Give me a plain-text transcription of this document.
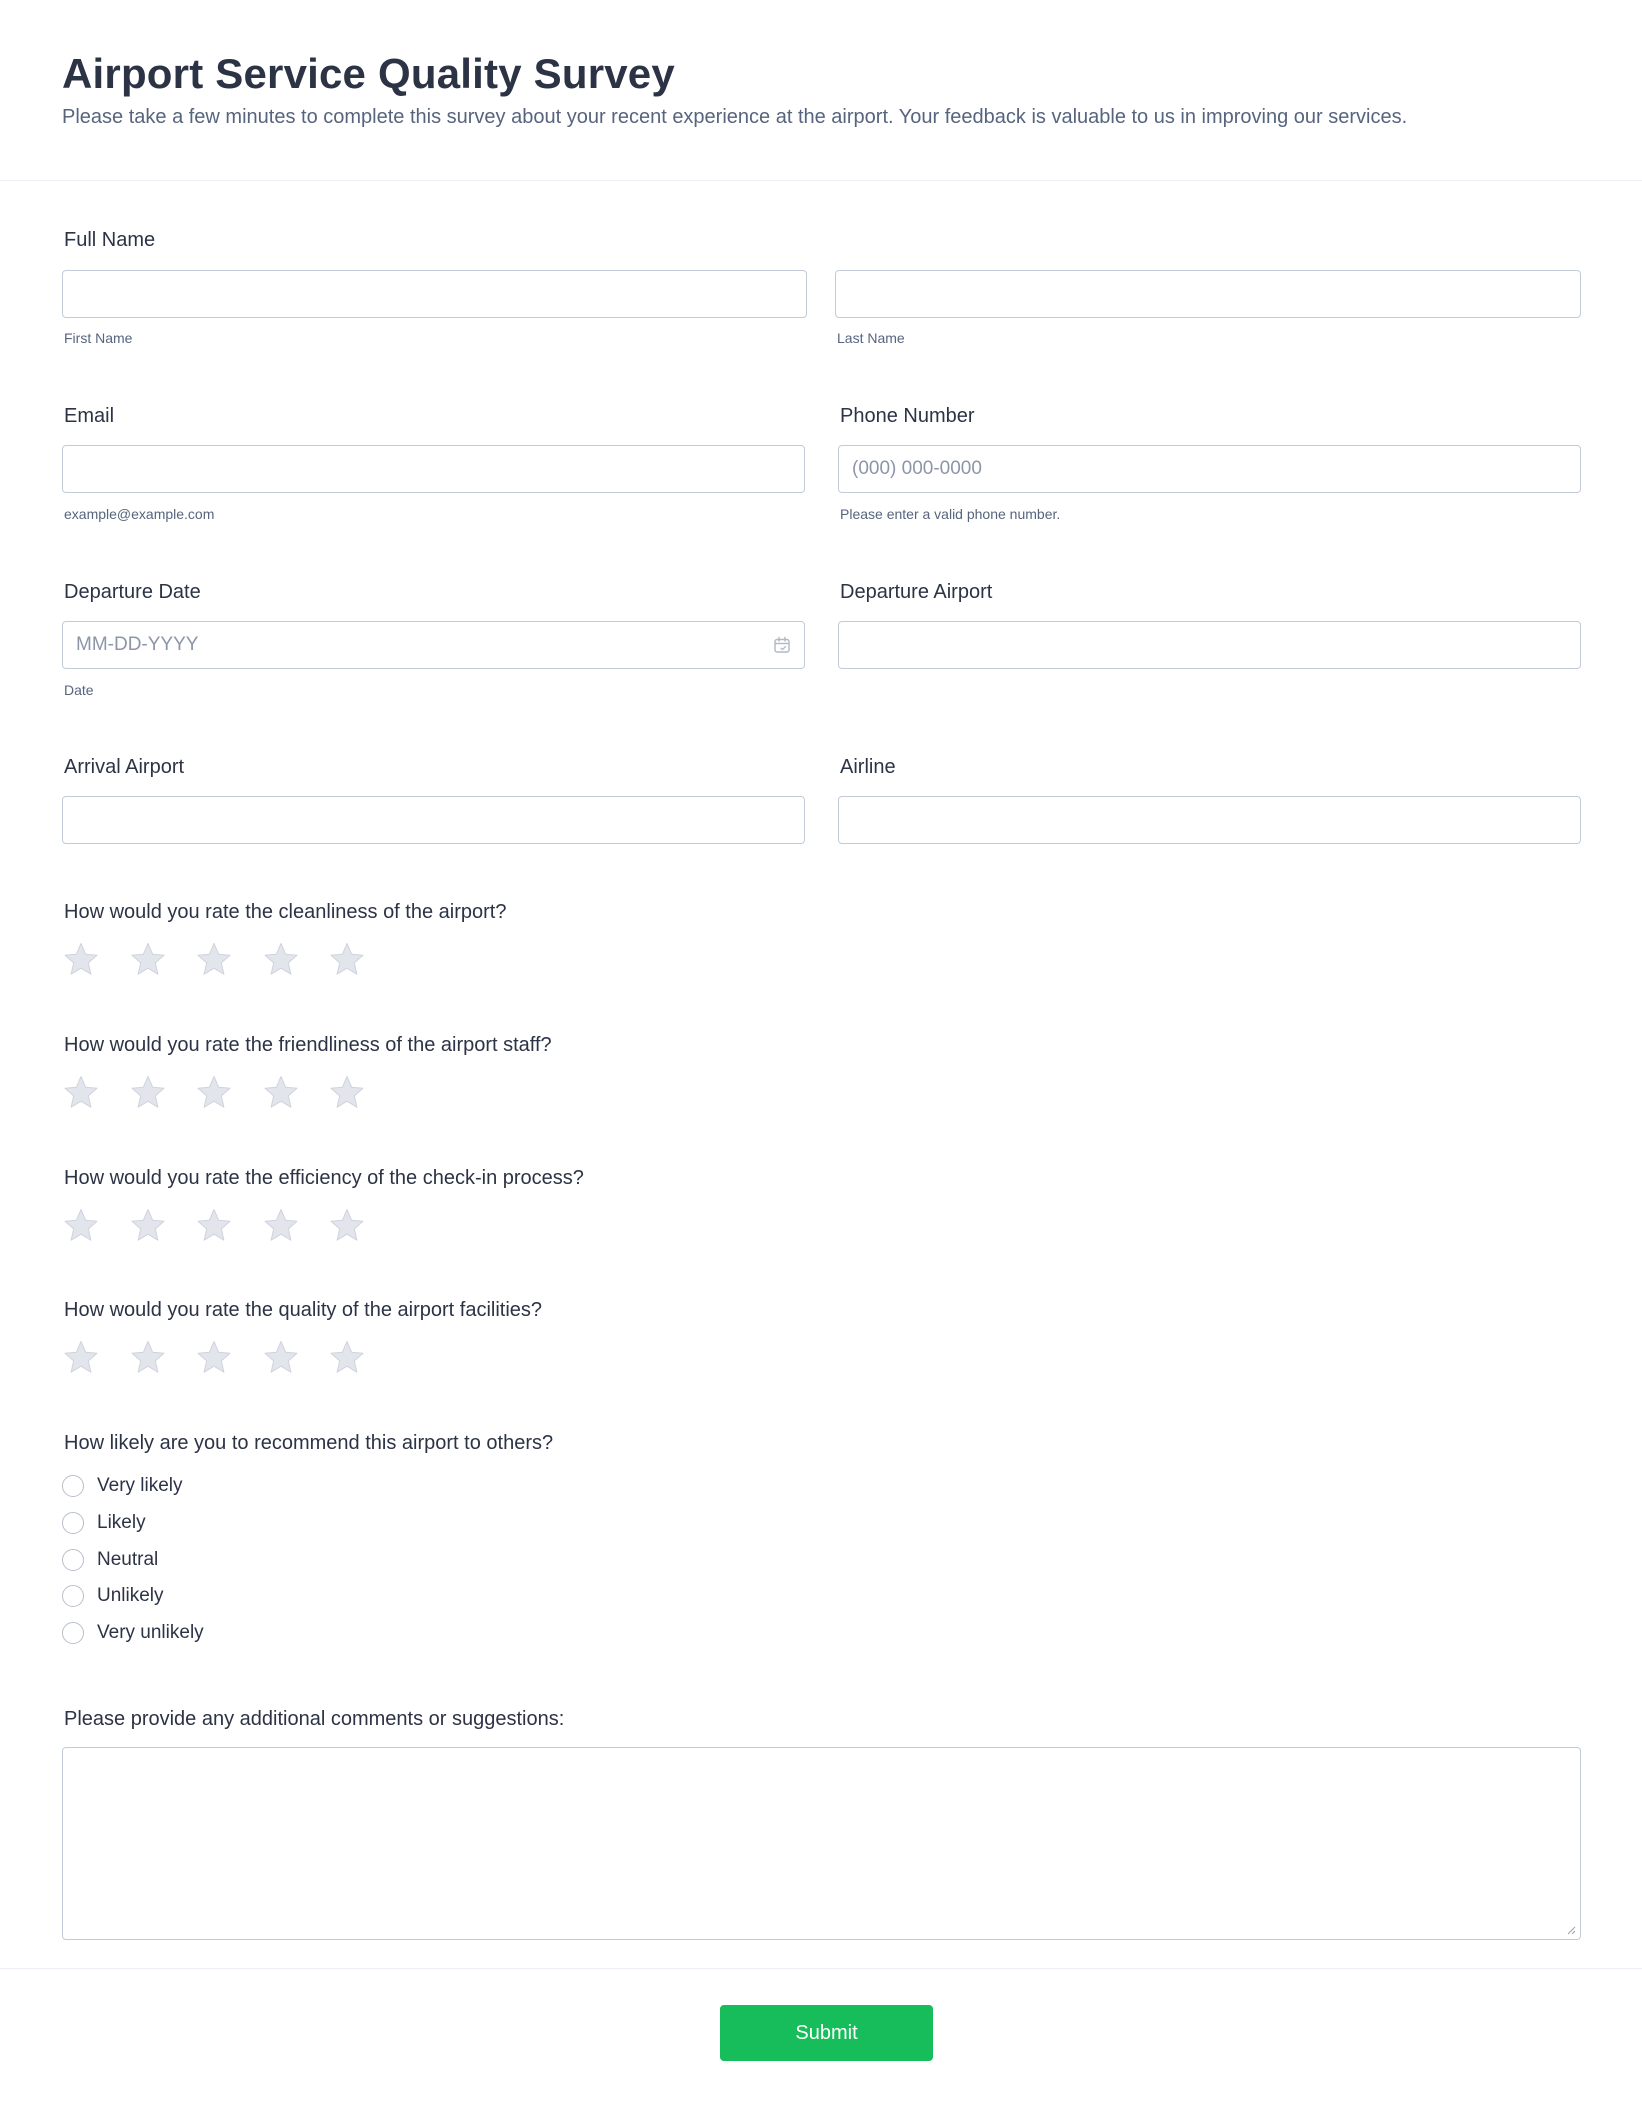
Airport Service Quality Survey

Please take a few minutes to complete this survey about your recent experience at the airport. Your feedback is valuable to us in improving our services.

Full Name

First Name	Last Name

Email

example@example.com

Phone Number

(000) 000-0000

Please enter a valid phone number.

Departure Date

MM-DD-YYYY

Date

Departure Airport

Arrival Airport	Airline

How would you rate the cleanliness of the airport?

How would you rate the friendliness of the airport staff?

How would you rate the efficiency of the check-in process?

How would you rate the quality of the airport facilities?

How likely are you to recommend this airport to others?

Very likely
Likely
Neutral
Unlikely
Very unlikely

Please provide any additional comments or suggestions:

Submit
